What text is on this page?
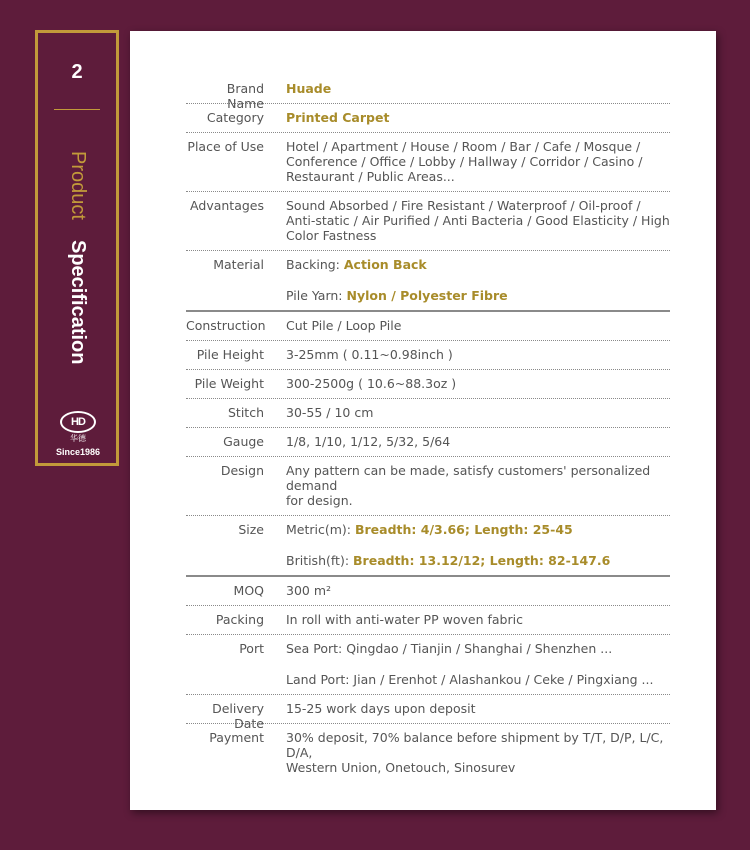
2
Product Specification
HD
华德
Since1986
Brand Name
Huade
Category Printed Carpet
Place of Use Hotel / Apartment / House / Room / Bar / Cafe / Mosque /
Conference / Office / Lobby / Hallway / Corridor / Casino /
Restaurant / Public Areas...
Advantages Sound Absorbed / Fire Resistant / Waterproof / Oil-proof /
Anti-static / Air Purified / Anti Bacteria / Good Elasticity / High
Color Fastness
Material Backing: Action Back
Pile Yarn: Nylon / Polyester Fibre
Construction Cut Pile / Loop Pile
Pile Height 3-25mm ( 0.11~0.98inch )
Pile Weight 300-2500g ( 10.6~88.3oz )
Stitch 30-55 / 10 cm
Gauge 1/8, 1/10, 1/12, 5/32, 5/64
Design Any pattern can be made, satisfy customers' personalized demand
for design.
Size Metric(m): Breadth: 4/3.66; Length: 25-45
British(ft): Breadth: 13.12/12; Length: 82-147.6
MOQ 300 m²
Packing In roll with anti-water PP woven fabric
Port Sea Port: Qingdao / Tianjin / Shanghai / Shenzhen ...
Land Port: Jian / Erenhot / Alashankou / Ceke / Pingxiang ...
Delivery Date
15-25 work days upon deposit
Payment 30% deposit, 70% balance before shipment by T/T, D/P, L/C, D/A,
Western Union, Onetouch, Sinosurev
